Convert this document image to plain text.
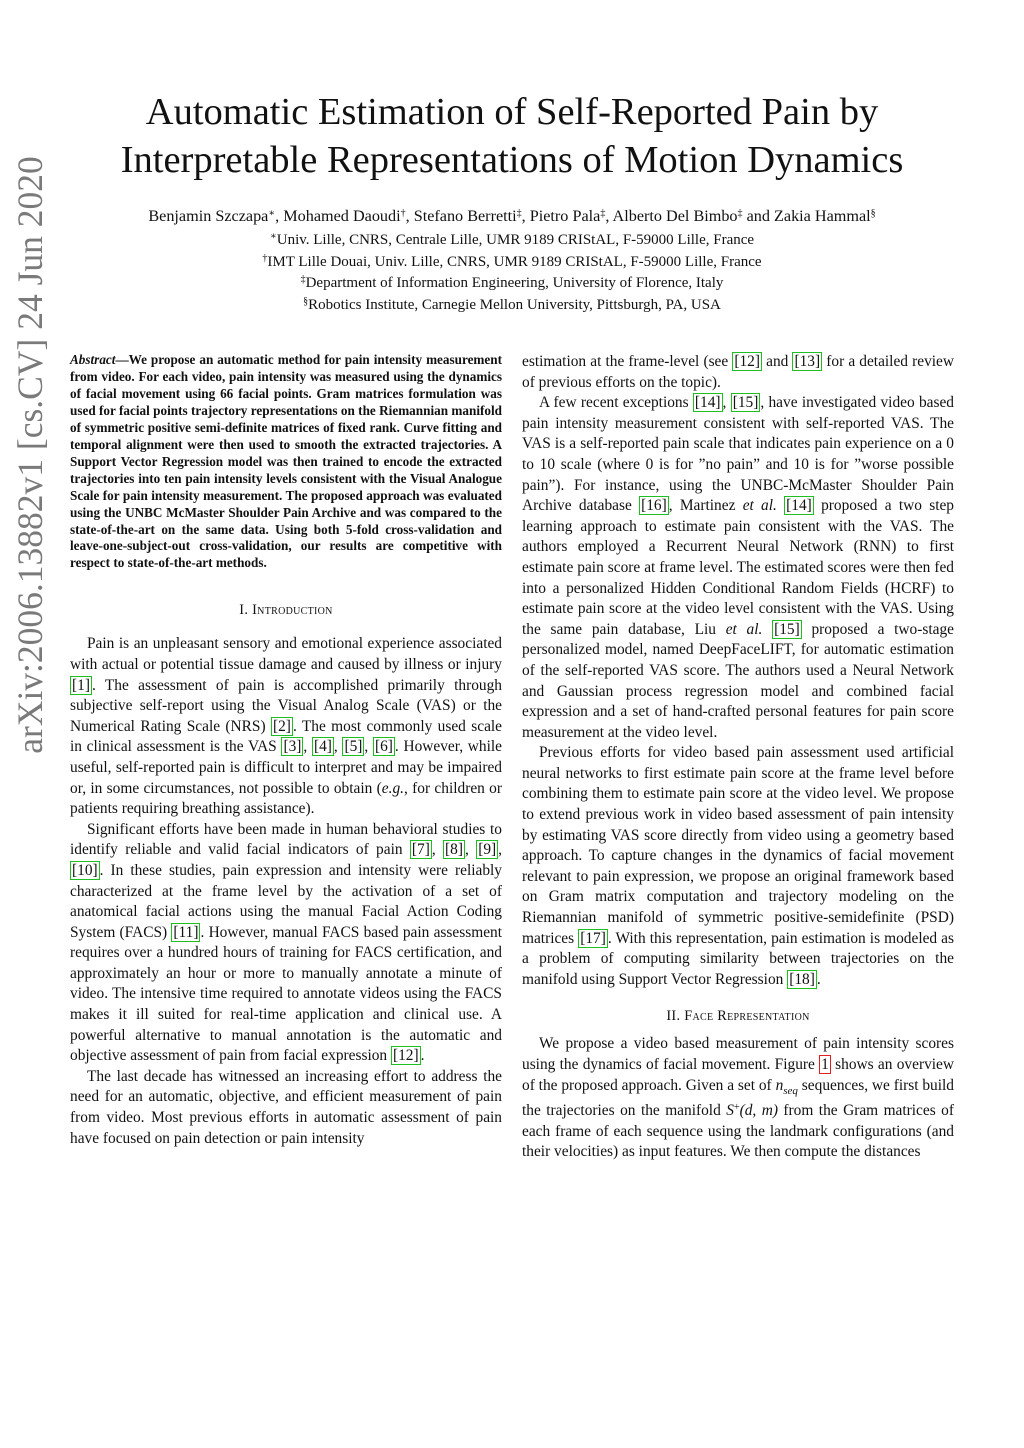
arXiv:2006.13882v1 [cs.CV] 24 Jun 2020
Automatic Estimation of Self-Reported Pain by
Interpretable Representations of Motion Dynamics
Benjamin Szczapa∗, Mohamed Daoudi†, Stefano Berretti‡, Pietro Pala‡, Alberto Del Bimbo‡ and Zakia Hammal§
∗Univ. Lille, CNRS, Centrale Lille, UMR 9189 CRIStAL, F-59000 Lille, France
†IMT Lille Douai, Univ. Lille, CNRS, UMR 9189 CRIStAL, F-59000 Lille, France
‡Department of Information Engineering, University of Florence, Italy
§Robotics Institute, Carnegie Mellon University, Pittsburgh, PA, USA

Abstract—We propose an automatic method for pain intensity measurement from video. For each video, pain intensity was measured using the dynamics of facial movement using 66 facial points. Gram matrices formulation was used for facial points trajectory representations on the Riemannian manifold of symmetric positive semi-definite matrices of fixed rank. Curve fitting and temporal alignment were then used to smooth the extracted trajectories. A Support Vector Regression model was then trained to encode the extracted trajectories into ten pain intensity levels consistent with the Visual Analogue Scale for pain intensity measurement. The proposed approach was evaluated using the UNBC McMaster Shoulder Pain Archive and was compared to the state-of-the-art on the same data. Using both 5-fold cross-validation and leave-one-subject-out cross-validation, our results are competitive with respect to state-of-the-art methods.

I. Introduction

Pain is an unpleasant sensory and emotional experience associated with actual or potential tissue damage and caused by illness or injury [1] . The assessment of pain is accomplished primarily through subjective self-report using the Visual Analog Scale (VAS) or the Numerical Rating Scale (NRS) [2] . The most commonly used scale in clinical assessment is the VAS [3] , [4] , [5] , [6] . However, while useful, self-reported pain is difficult to interpret and may be impaired or, in some circumstances, not possible to obtain (e.g., for children or patients requiring breathing assistance).

Significant efforts have been made in human behavioral studies to identify reliable and valid facial indicators of pain [7] , [8] , [9] , [10] . In these studies, pain expression and intensity were reliably characterized at the frame level by the activation of a set of anatomical facial actions using the manual Facial Action Coding System (FACS) [11] . However, manual FACS based pain assessment requires over a hundred hours of training for FACS certification, and approximately an hour or more to manually annotate a minute of video. The intensive time required to annotate videos using the FACS makes it ill suited for real-time application and clinical use. A powerful alternative to manual annotation is the automatic and objective assessment of pain from facial expression [12] .

The last decade has witnessed an increasing effort to address the need for an automatic, objective, and efficient measurement of pain from video. Most previous efforts in automatic assessment of pain have focused on pain detection or pain intensity

estimation at the frame-level (see [12] and [13] for a detailed review of previous efforts on the topic).

A few recent exceptions [14] , [15] , have investigated video based pain intensity measurement consistent with self-reported VAS. The VAS is a self-reported pain scale that indicates pain experience on a 0 to 10 scale (where 0 is for ”no pain” and 10 is for ”worse possible pain”). For instance, using the UNBC-McMaster Shoulder Pain Archive database [16] , Martinez et al. [14] proposed a two step learning approach to estimate pain consistent with the VAS. The authors employed a Recurrent Neural Network (RNN) to first estimate pain score at frame level. The estimated scores were then fed into a personalized Hidden Conditional Random Fields (HCRF) to estimate pain score at the video level consistent with the VAS. Using the same pain database, Liu et al. [15] proposed a two-stage personalized model, named DeepFaceLIFT, for automatic estimation of the self-reported VAS score. The authors used a Neural Network and Gaussian process regression model and combined facial expression and a set of hand-crafted personal features for pain score measurement at the video level.

Previous efforts for video based pain assessment used artificial neural networks to first estimate pain score at the frame level before combining them to estimate pain score at the video level. We propose to extend previous work in video based assessment of pain intensity by estimating VAS score directly from video using a geometry based approach. To capture changes in the dynamics of facial movement relevant to pain expression, we propose an original framework based on Gram matrix computation and trajectory modeling on the Riemannian manifold of symmetric positive-semidefinite (PSD) matrices [17] . With this representation, pain estimation is modeled as a problem of computing similarity between trajectories on the manifold using Support Vector Regression [18] .

II. Face Representation

We propose a video based measurement of pain intensity scores using the dynamics of facial movement. Figure 1 shows an overview of the proposed approach. Given a set of $n_{seq}$ sequences, we first build the trajectories on the manifold S+(d, m) from the Gram matrices of each frame of each sequence using the landmark configurations (and their velocities) as input features. We then compute the distances
